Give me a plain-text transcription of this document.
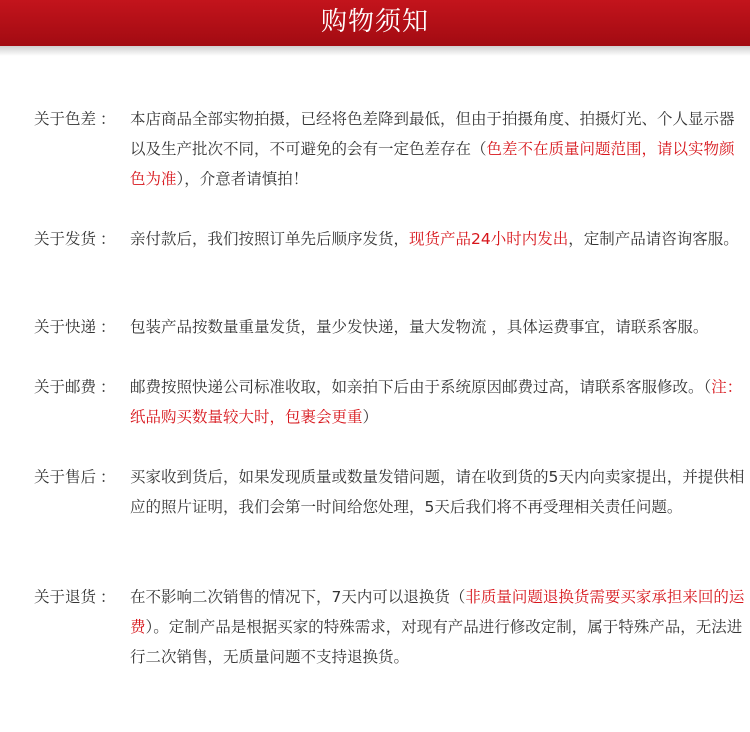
购物须知
关于色差 ： 本店商品全部实物拍摄，已经将色差降到最低，但由于拍摄角度、拍摄灯光、个人显示器以及生产批次不同，不可避免的会有一定色差存在（色差不在质量问题范围，请以实物颜色为准），介意者请慎拍！
关于发货 ： 亲付款后，我们按照订单先后顺序发货，现货产品24小时内发出，定制产品请咨询客服。
关于快递 ： 包装产品按数量重量发货，量少发快递，量大发物流 ，具体运费事宜，请联系客服。
关于邮费 ： 邮费按照快递公司标准收取，如亲拍下后由于系统原因邮费过高，请联系客服修改。（注：纸品购买数量较大时，包裹会更重）
关于售后 ： 买家收到货后，如果发现质量或数量发错问题，请在收到货的5天内向卖家提出，并提供相应的照片证明，我们会第一时间给您处理，5天后我们将不再受理相关责任问题。
关于退货 ： 在不影响二次销售的情况下，7天内可以退换货（非质量问题退换货需要买家承担来回的运费）。定制产品是根据买家的特殊需求，对现有产品进行修改定制，属于特殊产品，无法进行二次销售，无质量问题不支持退换货。
